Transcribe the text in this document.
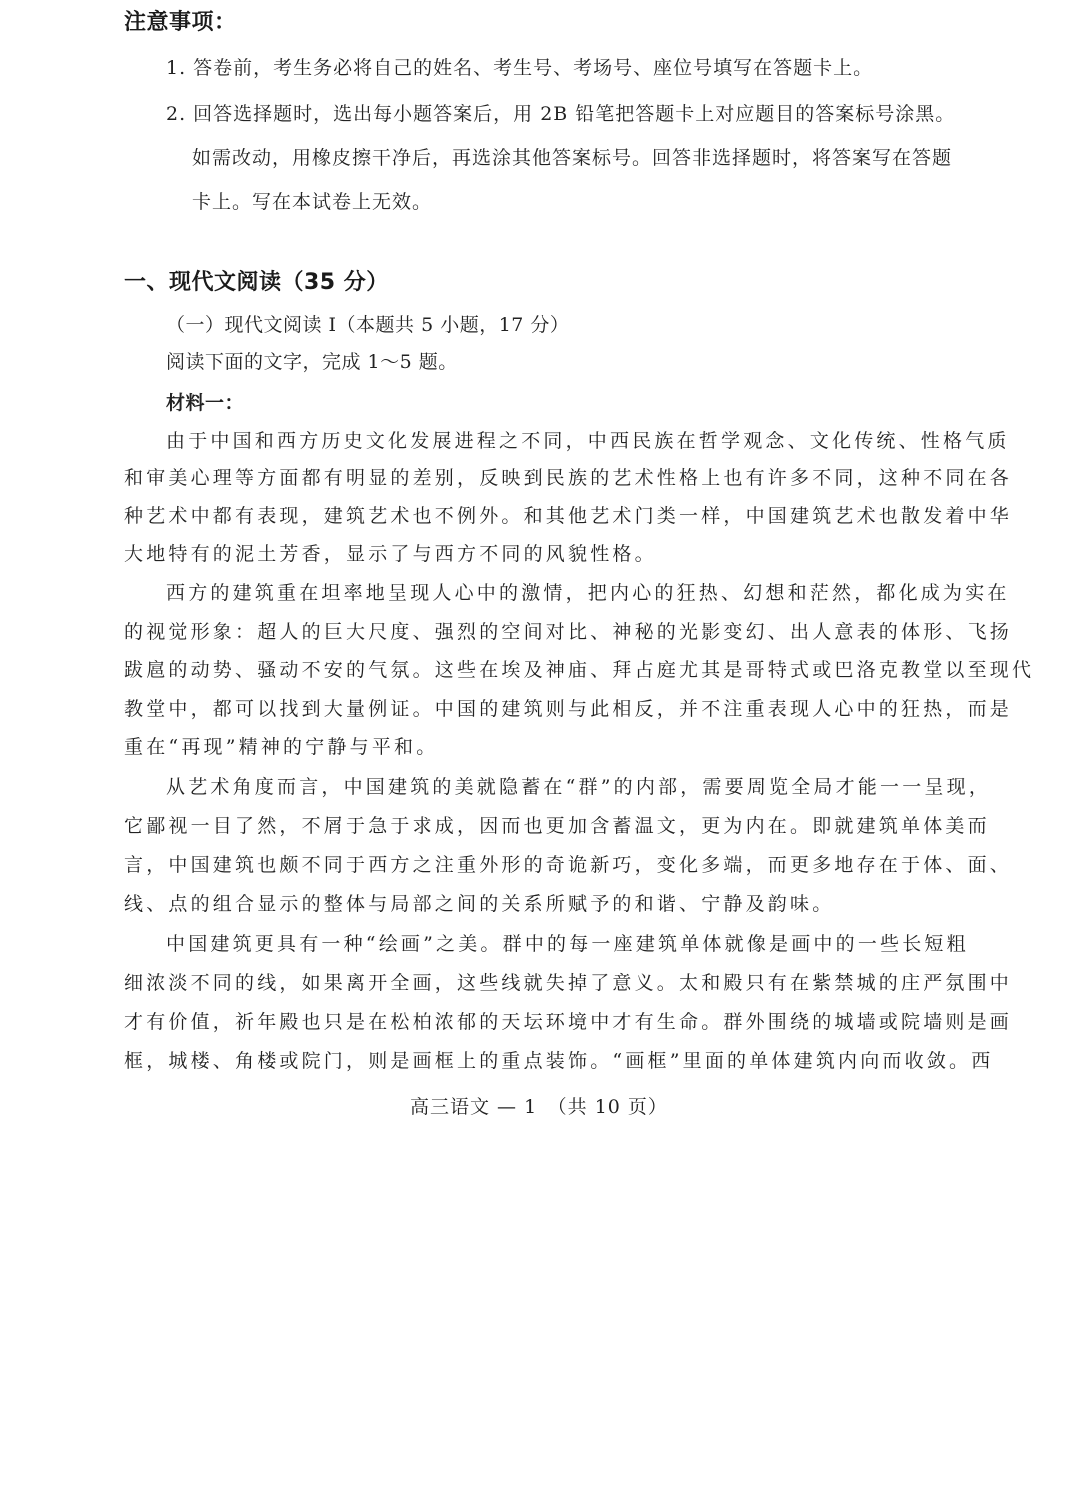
注意事项：
1. 答卷前，考生务必将自己的姓名、考生号、考场号、座位号填写在答题卡上。
2. 回答选择题时，选出每小题答案后，用 2B 铅笔把答题卡上对应题目的答案标号涂黑。
如需改动，用橡皮擦干净后，再选涂其他答案标号。回答非选择题时，将答案写在答题
卡上。写在本试卷上无效。
一、现代文阅读（35 分）
（一）现代文阅读 Ⅰ（本题共 5 小题，17 分）
阅读下面的文字，完成 1～5 题。
材料一：
由于中国和西方历史文化发展进程之不同，中西民族在哲学观念、文化传统、性格气质
和审美心理等方面都有明显的差别，反映到民族的艺术性格上也有许多不同，这种不同在各
种艺术中都有表现，建筑艺术也不例外。和其他艺术门类一样，中国建筑艺术也散发着中华
大地特有的泥土芳香，显示了与西方不同的风貌性格。
西方的建筑重在坦率地呈现人心中的激情，把内心的狂热、幻想和茫然，都化成为实在
的视觉形象：超人的巨大尺度、强烈的空间对比、神秘的光影变幻、出人意表的体形、飞扬
跋扈的动势、骚动不安的气氛。这些在埃及神庙、拜占庭尤其是哥特式或巴洛克教堂以至现代
教堂中，都可以找到大量例证。中国的建筑则与此相反，并不注重表现人心中的狂热，而是
重在“再现”精神的宁静与平和。
从艺术角度而言，中国建筑的美就隐蓄在“群”的内部，需要周览全局才能一一呈现，
它鄙视一目了然，不屑于急于求成，因而也更加含蓄温文，更为内在。即就建筑单体美而
言，中国建筑也颇不同于西方之注重外形的奇诡新巧，变化多端，而更多地存在于体、面、
线、点的组合显示的整体与局部之间的关系所赋予的和谐、宁静及韵味。
中国建筑更具有一种“绘画”之美。群中的每一座建筑单体就像是画中的一些长短粗
细浓淡不同的线，如果离开全画，这些线就失掉了意义。太和殿只有在紫禁城的庄严氛围中
才有价值，祈年殿也只是在松柏浓郁的天坛环境中才有生命。群外围绕的城墙或院墙则是画
框，城楼、角楼或院门，则是画框上的重点装饰。“画框”里面的单体建筑内向而收敛。西
高三语文 — 1　（共 10 页）
